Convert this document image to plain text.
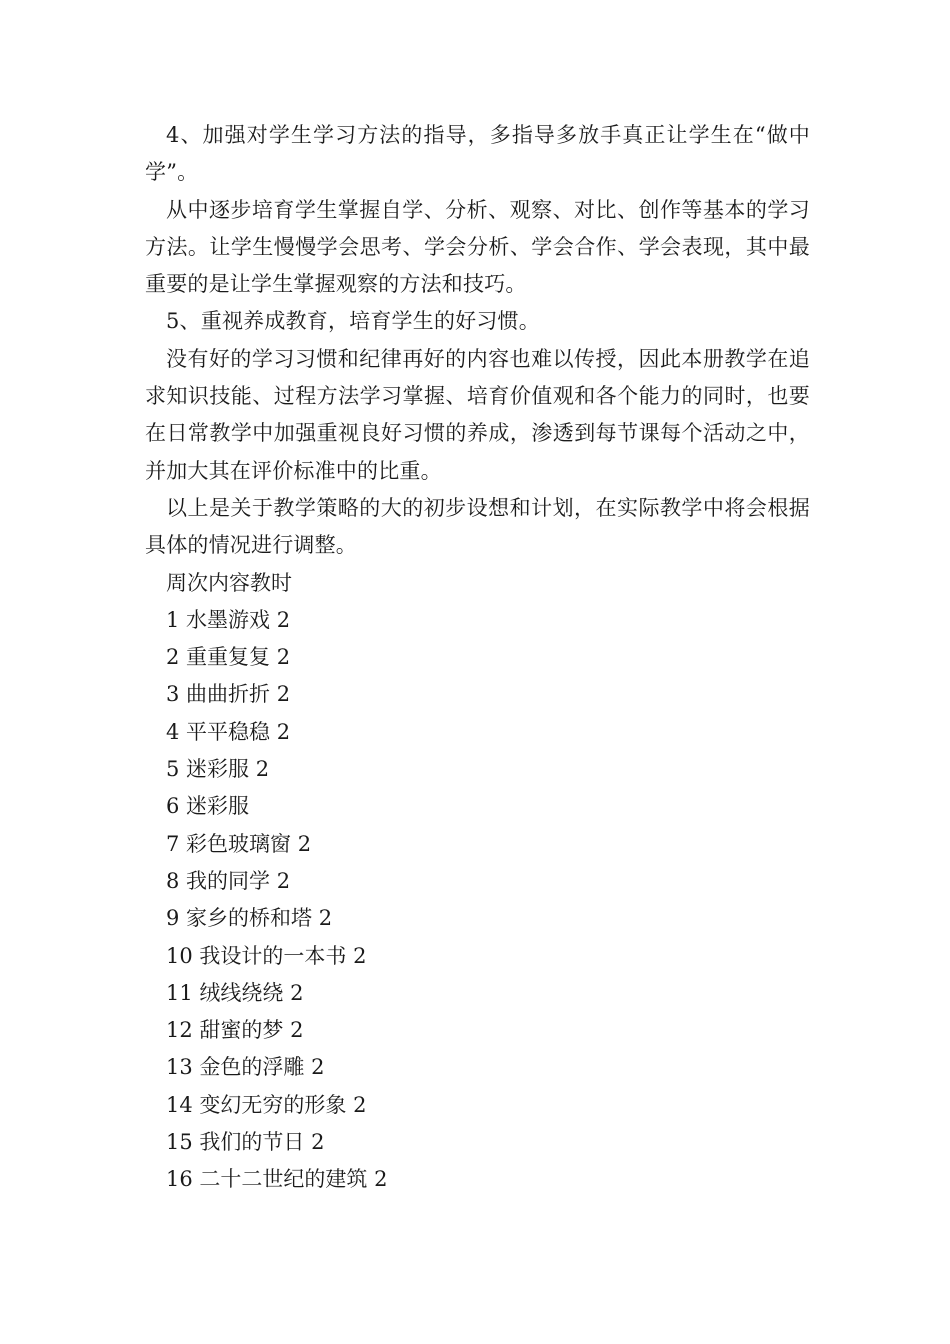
4、加强对学生学习方法的指导，多指导多放手真正让学生在“做中学”。

从中逐步培育学生掌握自学、分析、观察、对比、创作等基本的学习方法。让学生慢慢学会思考、学会分析、学会合作、学会表现，其中最重要的是让学生掌握观察的方法和技巧。

5、重视养成教育，培育学生的好习惯。

没有好的学习习惯和纪律再好的内容也难以传授，因此本册教学在追求知识技能、过程方法学习掌握、培育价值观和各个能力的同时，也要在日常教学中加强重视良好习惯的养成，渗透到每节课每个活动之中，并加大其在评价标准中的比重。

以上是关于教学策略的大的初步设想和计划，在实际教学中将会根据具体的情况进行调整。

周次内容教时
1 水墨游戏 2
2 重重复复 2
3 曲曲折折 2
4 平平稳稳 2
5 迷彩服 2
6 迷彩服
7 彩色玻璃窗 2
8 我的同学 2
9 家乡的桥和塔 2
10 我设计的一本书 2
11 绒线绕绕 2
12 甜蜜的梦 2
13 金色的浮雕 2
14 变幻无穷的形象 2
15 我们的节日 2
16 二十二世纪的建筑 2
